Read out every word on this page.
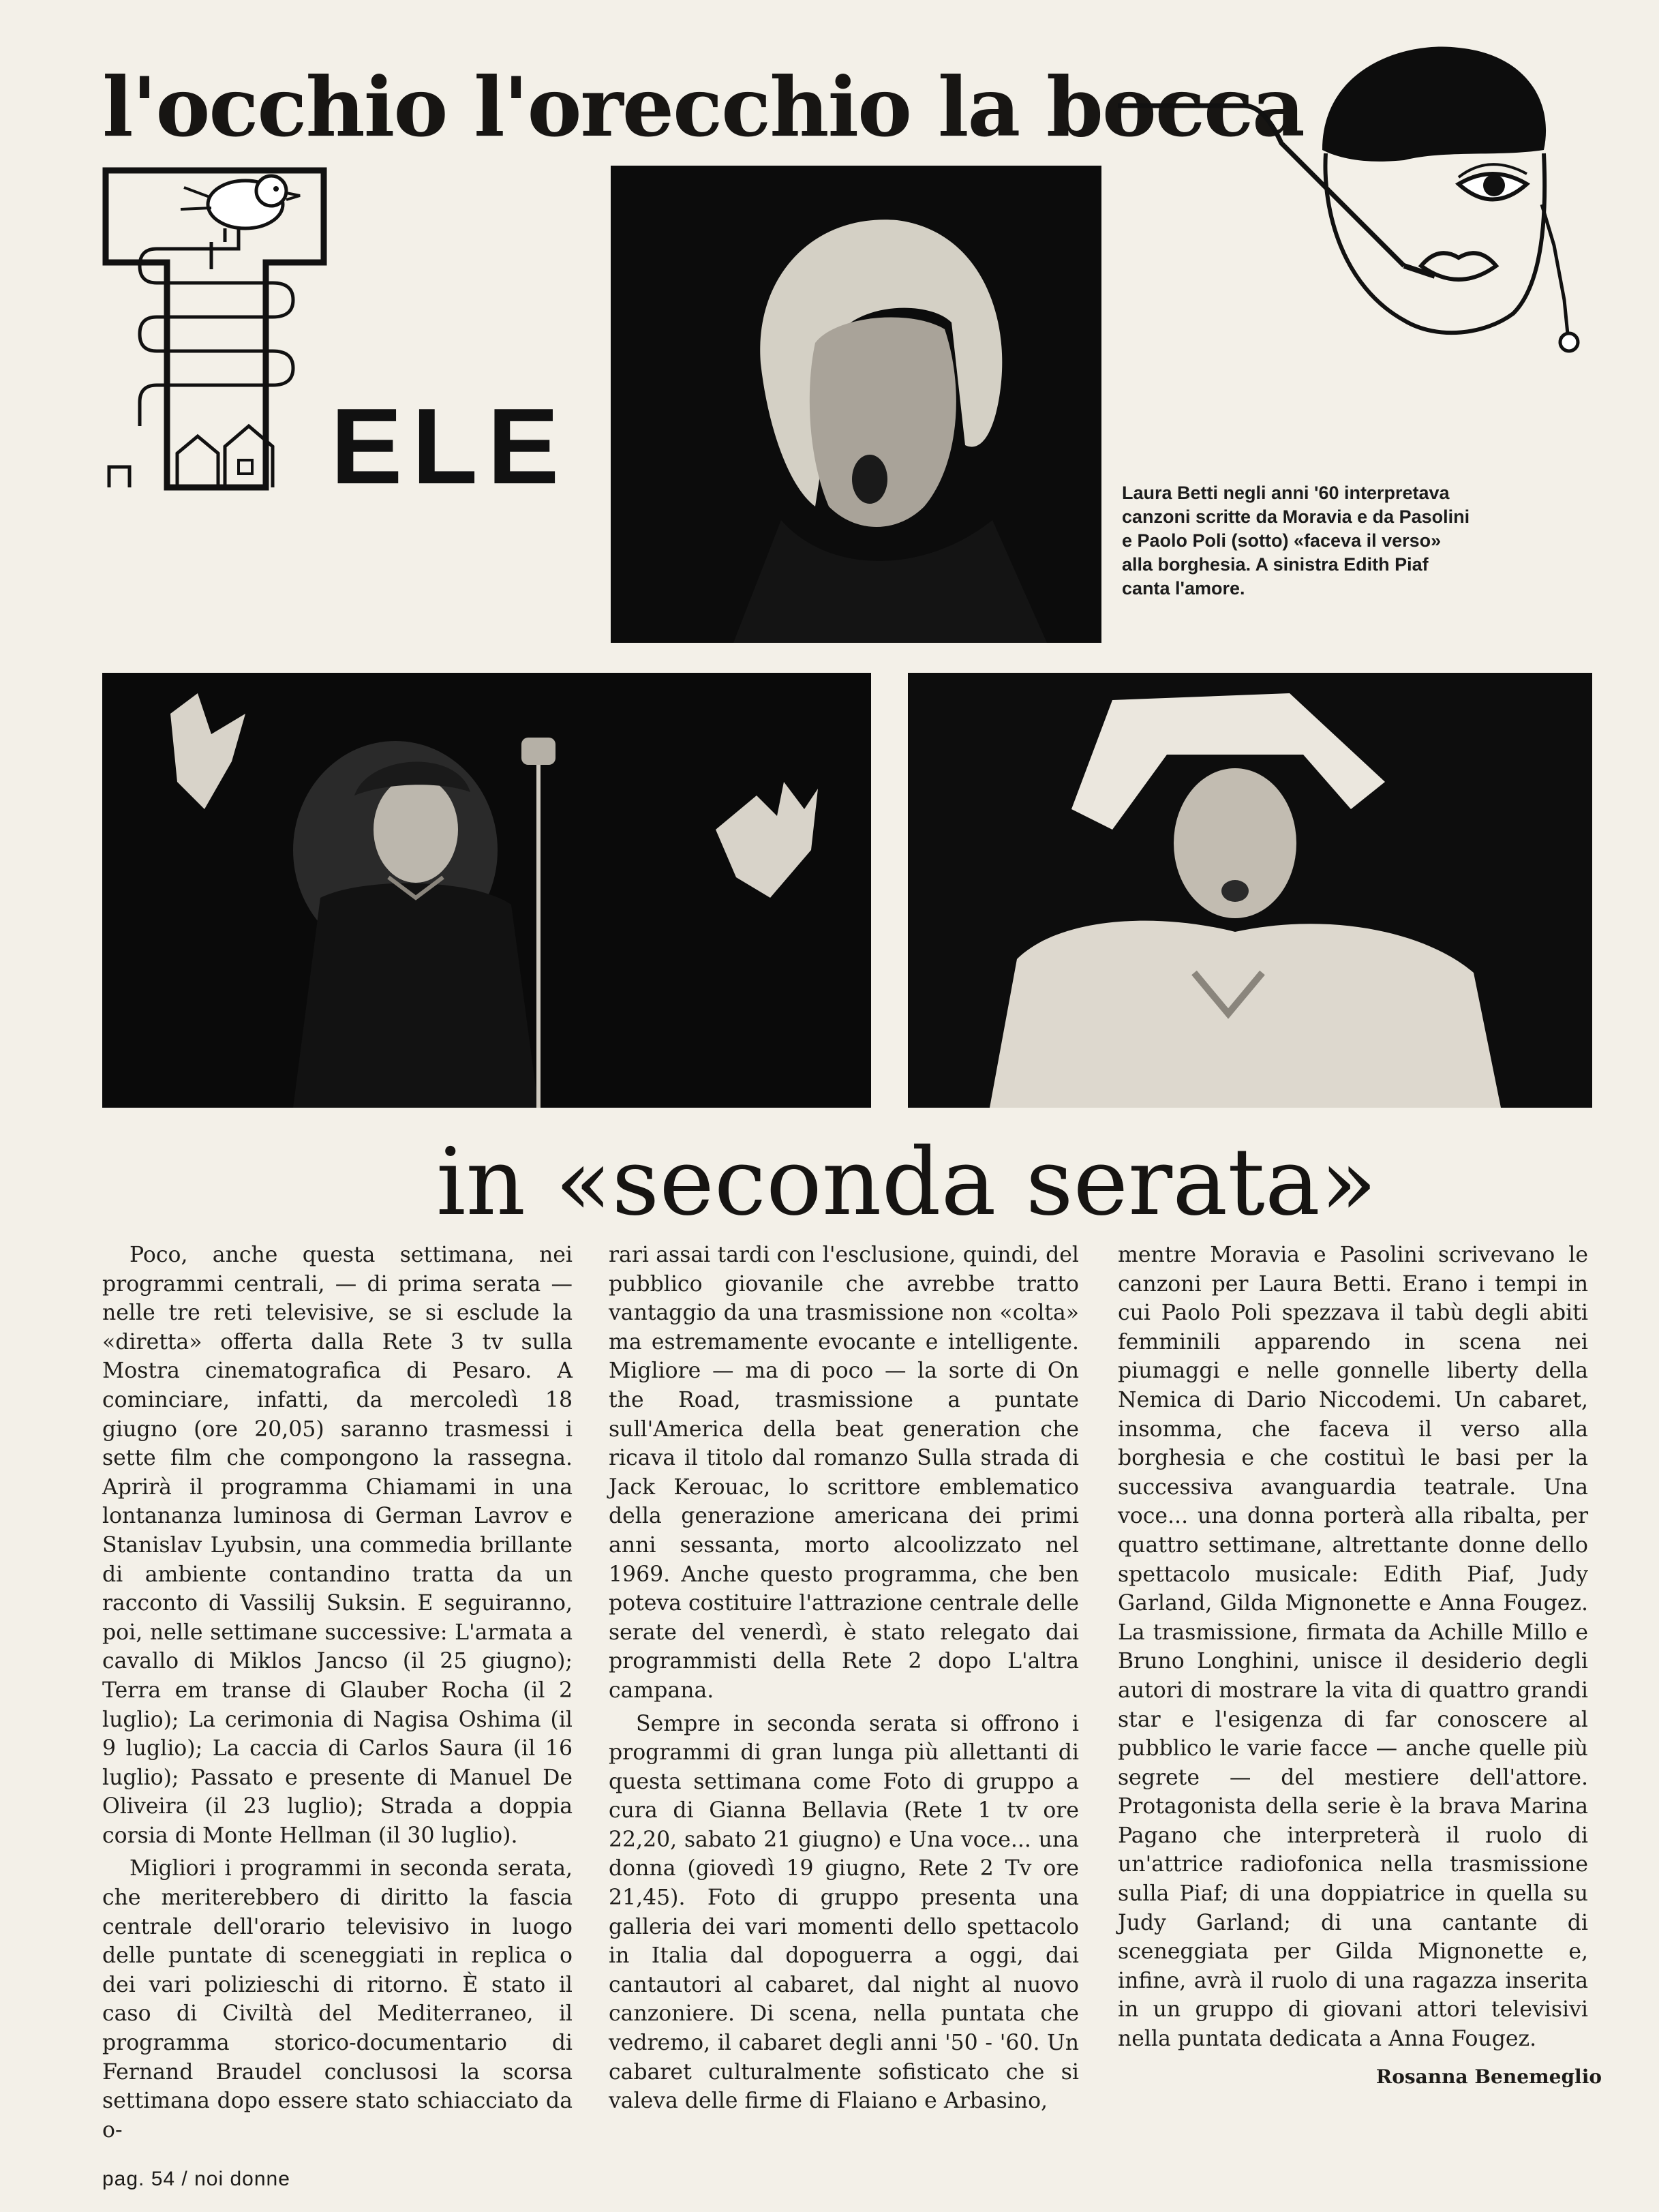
l'occhio l'orecchio la bocca
ELE	Laura Betti negli anni '60 interpretava canzoni scritte da Moravia e da Pasolini e Paolo Poli (sotto) «faceva il verso» alla borghesia. A sinistra Edith Piaf canta l'amore.
in «seconda serata»

Poco, anche questa settimana, nei programmi centrali, — di prima serata — nelle tre reti televisive, se si esclude la «diretta» offerta dalla Rete 3 tv sulla Mostra cinematografica di Pesaro. A cominciare, infatti, da mercoledì 18 giugno (ore 20,05) saranno trasmessi i sette film che compongono la rassegna. Aprirà il programma Chiamami in una lontananza luminosa di German Lavrov e Stanislav Lyubsin, una commedia brillante di ambiente contandino tratta da un racconto di Vassilij Suksin. E seguiranno, poi, nelle settimane successive: L'armata a cavallo di Miklos Jancso (il 25 giugno); Terra em transe di Glauber Rocha (il 2 luglio); La cerimonia di Nagisa Oshima (il 9 luglio); La caccia di Carlos Saura (il 16 luglio); Passato e presente di Manuel De Oliveira (il 23 luglio); Strada a doppia corsia di Monte Hellman (il 30 luglio).

Migliori i programmi in seconda serata, che meriterebbero di diritto la fascia centrale dell'orario televisivo in luogo delle puntate di sceneggiati in replica o dei vari polizieschi di ritorno. È stato il caso di Civiltà del Mediterraneo, il programma storico-documentario di Fernand Braudel conclusosi la scorsa settimana dopo essere stato schiacciato da o-

rari assai tardi con l'esclusione, quindi, del pubblico giovanile che avrebbe tratto vantaggio da una trasmissione non «colta» ma estremamente evocante e intelligente. Migliore — ma di poco — la sorte di On the Road, trasmissione a puntate sull'America della beat generation che ricava il titolo dal romanzo Sulla strada di Jack Kerouac, lo scrittore emblematico della generazione americana dei primi anni sessanta, morto alcoolizzato nel 1969. Anche questo programma, che ben poteva costituire l'attrazione centrale delle serate del venerdì, è stato relegato dai programmisti della Rete 2 dopo L'altra campana.

Sempre in seconda serata si offrono i programmi di gran lunga più allettanti di questa settimana come Foto di gruppo a cura di Gianna Bellavia (Rete 1 tv ore 22,20, sabato 21 giugno) e Una voce... una donna (giovedì 19 giugno, Rete 2 Tv ore 21,45). Foto di gruppo presenta una galleria dei vari momenti dello spettacolo in Italia dal dopoguerra a oggi, dai cantautori al cabaret, dal night al nuovo canzoniere. Di scena, nella puntata che vedremo, il cabaret degli anni '50 - '60. Un cabaret culturalmente sofisticato che si valeva delle firme di Flaiano e Arbasino,

mentre Moravia e Pasolini scrivevano le canzoni per Laura Betti. Erano i tempi in cui Paolo Poli spezzava il tabù degli abiti femminili apparendo in scena nei piumaggi e nelle gonnelle liberty della Nemica di Dario Niccodemi. Un cabaret, insomma, che faceva il verso alla borghesia e che costituì le basi per la successiva avanguardia teatrale. Una voce... una donna porterà alla ribalta, per quattro settimane, altrettante donne dello spettacolo musicale: Edith Piaf, Judy Garland, Gilda Mignonette e Anna Fougez. La trasmissione, firmata da Achille Millo e Bruno Longhini, unisce il desiderio degli autori di mostrare la vita di quattro grandi star e l'esigenza di far conoscere al pubblico le varie facce — anche quelle più segrete — del mestiere dell'attore. Protagonista della serie è la brava Marina Pagano che interpreterà il ruolo di un'attrice radiofonica nella trasmissione sulla Piaf; di una doppiatrice in quella su Judy Garland; di una cantante di sceneggiata per Gilda Mignonette e, infine, avrà il ruolo di una ragazza inserita in un gruppo di giovani attori televisivi nella puntata dedicata a Anna Fougez.

Rosanna Benemeglio
pag. 54 / noi donne
